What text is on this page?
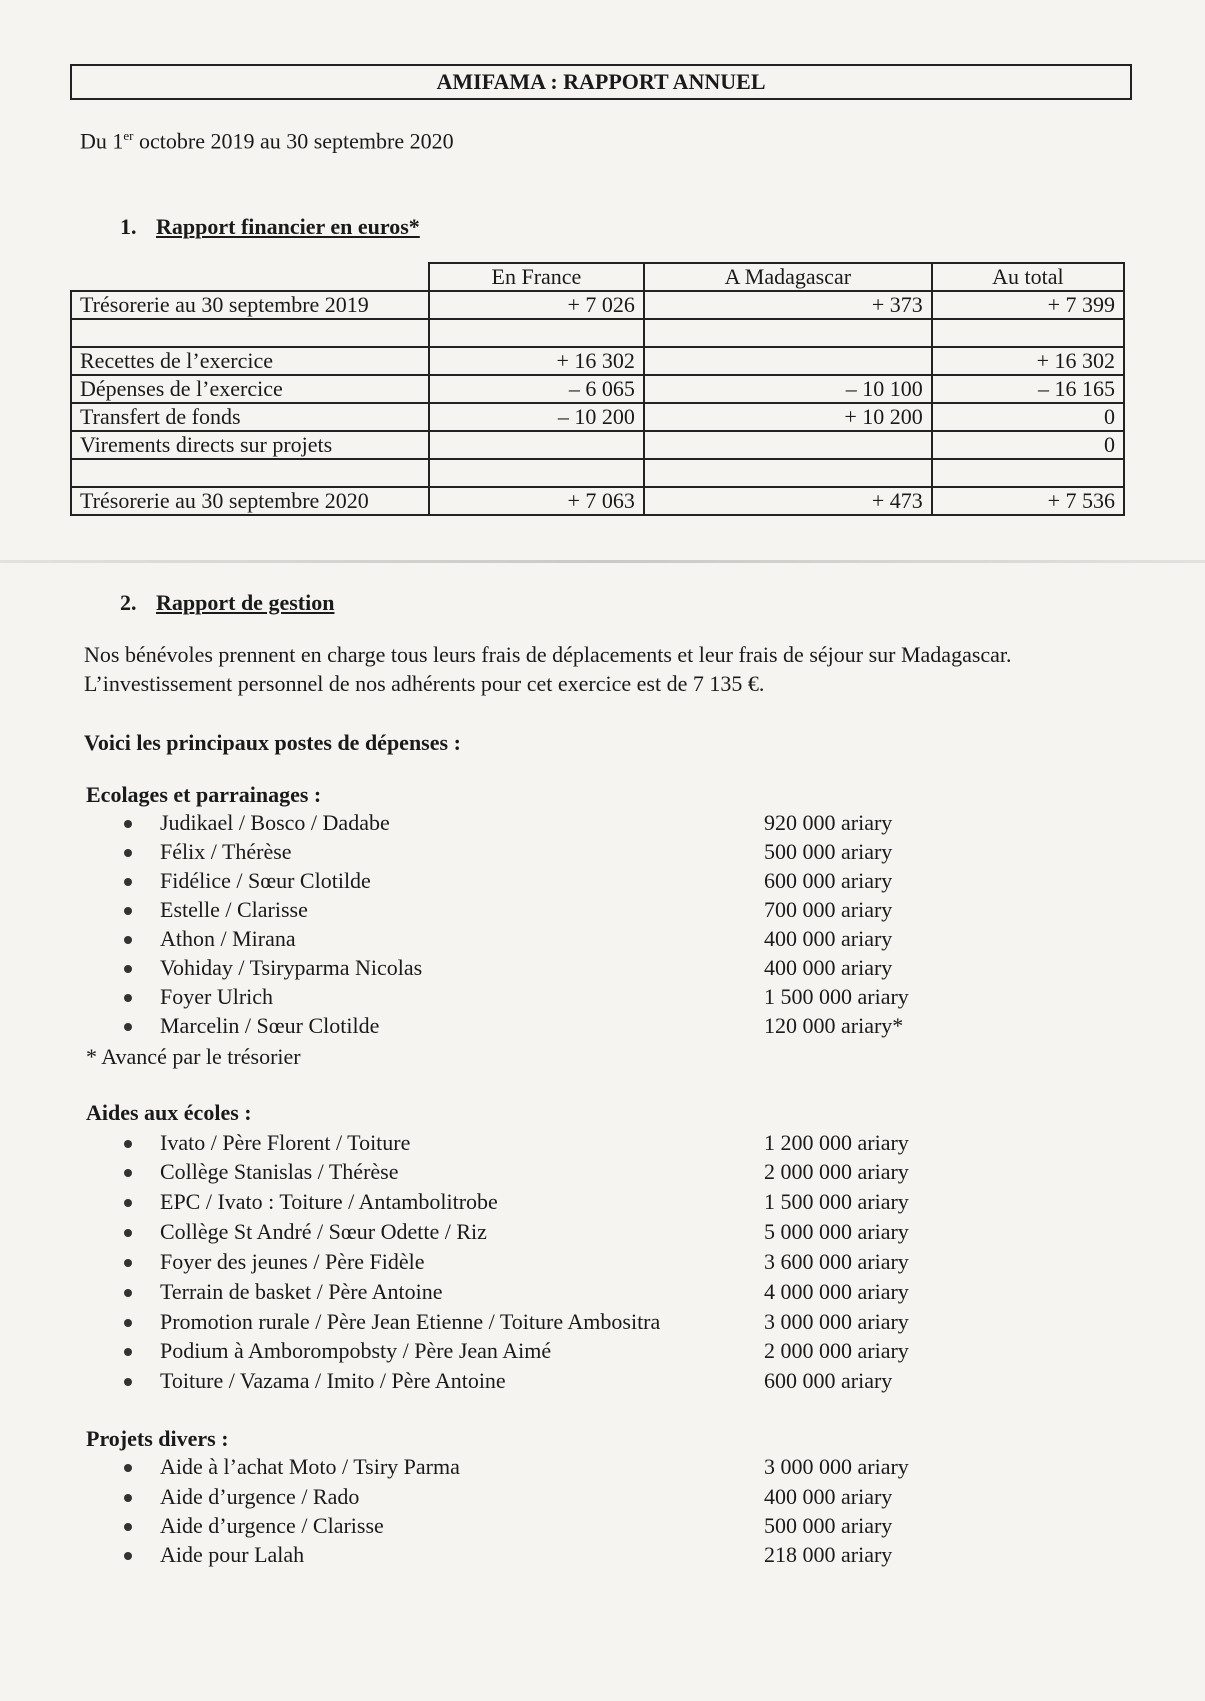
AMIFAMA : RAPPORT ANNUEL
Du 1er octobre 2019 au 30 septembre 2020
1. Rapport financier en euros*
	En France	A Madagascar	Au total
Trésorerie au 30 septembre 2019	+ 7 026	+ 373	+ 7 399

Recettes de l’exercice	+ 16 302		+ 16 302
Dépenses de l’exercice	– 6 065	– 10 100	– 16 165
Transfert de fonds	– 10 200	+ 10 200	0
Virements directs sur projets			0

Trésorerie au 30 septembre 2020	+ 7 063	+ 473	+ 7 536
2. Rapport de gestion
Nos bénévoles prennent en charge tous leurs frais de déplacements et leur frais de séjour sur Madagascar.
L’investissement personnel de nos adhérents pour cet exercice est de 7 135 €.
Voici les principaux postes de dépenses :
Ecolages et parrainages :
Judikael / Bosco / Dadabe	920 000 ariary
Félix / Thérèse	500 000 ariary
Fidélice / Sœur Clotilde	600 000 ariary
Estelle / Clarisse	700 000 ariary
Athon / Mirana	400 000 ariary
Vohiday / Tsiryparma Nicolas	400 000 ariary
Foyer Ulrich	1 500 000 ariary
Marcelin / Sœur Clotilde	120 000 ariary*
* Avancé par le trésorier
Aides aux écoles :
Ivato / Père Florent / Toiture	1 200 000 ariary
Collège Stanislas / Thérèse	2 000 000 ariary
EPC / Ivato : Toiture / Antambolitrobe	1 500 000 ariary
Collège St André / Sœur Odette / Riz	5 000 000 ariary
Foyer des jeunes / Père Fidèle	3 600 000 ariary
Terrain de basket / Père Antoine	4 000 000 ariary
Promotion rurale / Père Jean Etienne / Toiture Ambositra	3 000 000 ariary
Podium à Amborompobsty / Père Jean Aimé	2 000 000 ariary
Toiture / Vazama / Imito / Père Antoine	600 000 ariary
Projets divers :
Aide à l’achat Moto / Tsiry Parma	3 000 000 ariary
Aide d’urgence / Rado	400 000 ariary
Aide d’urgence / Clarisse	500 000 ariary
Aide pour Lalah	218 000 ariary
